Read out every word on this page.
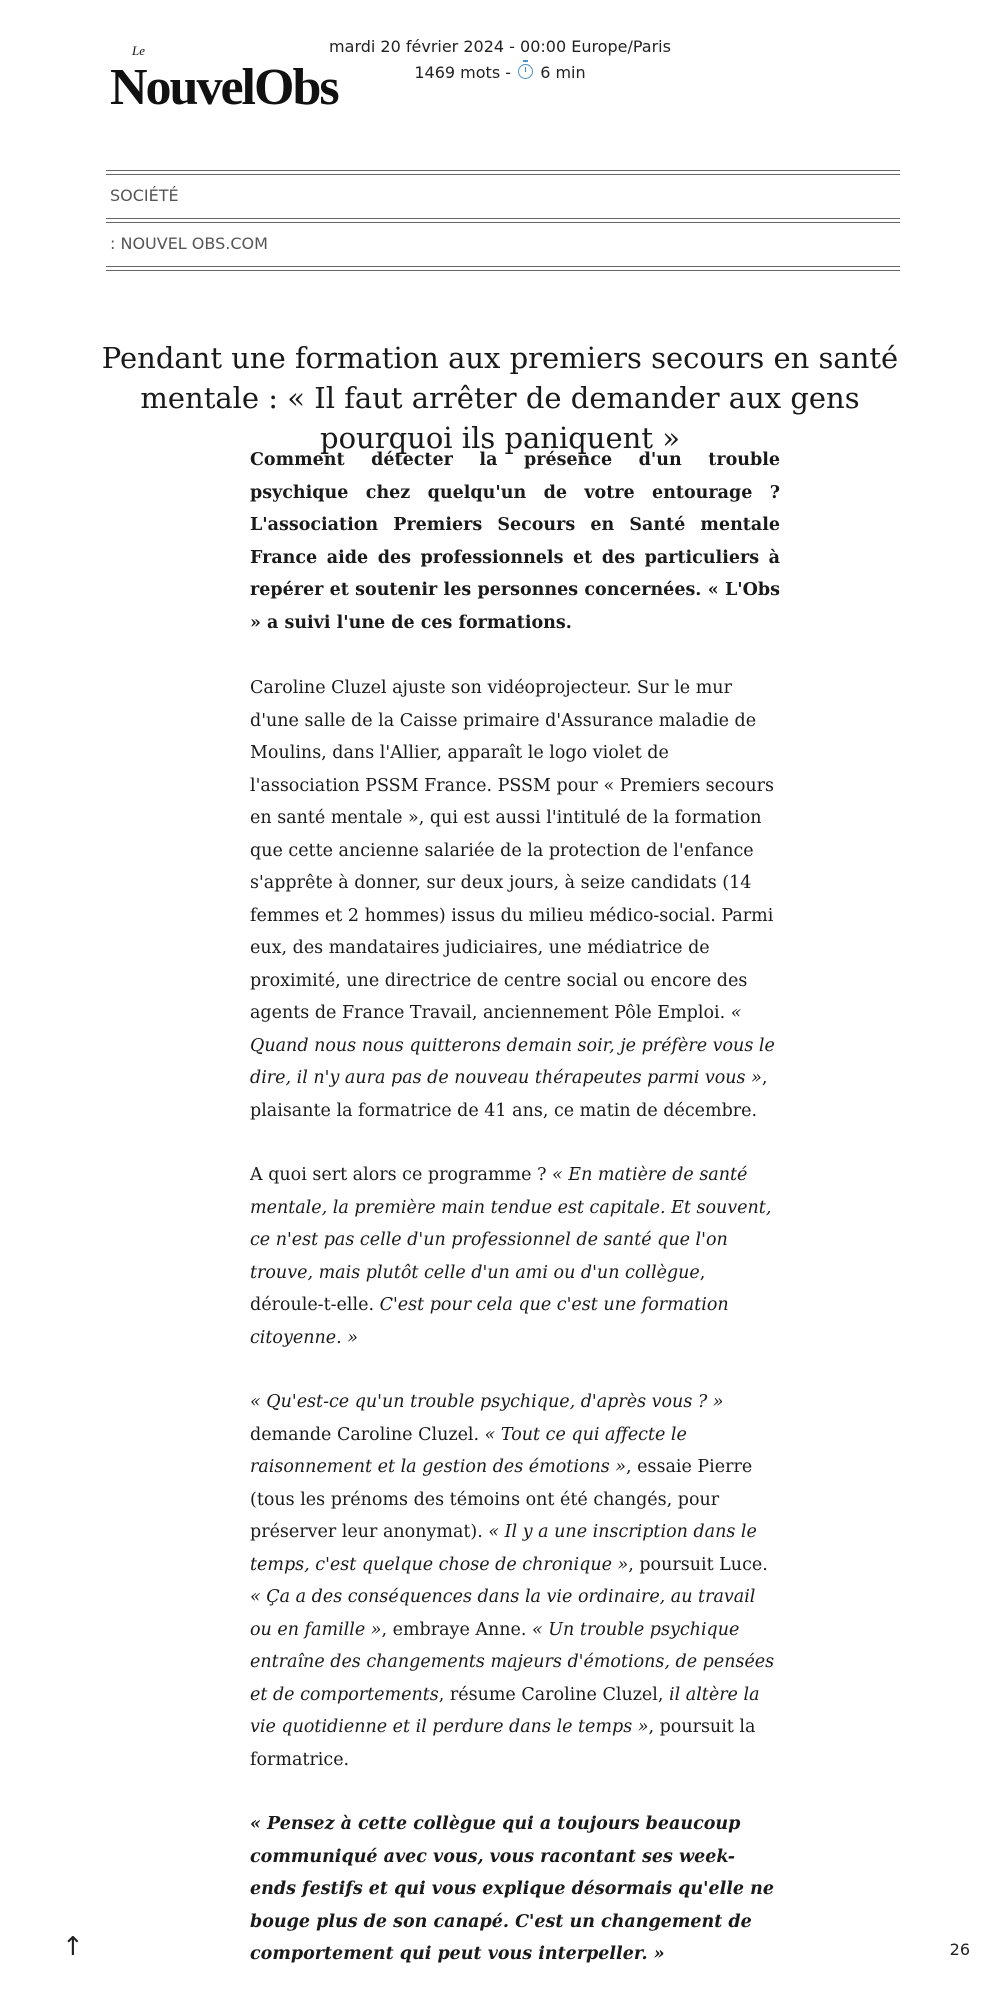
Le
NouvelObs
mardi 20 février 2024 - 00:00 Europe/Paris
1469 mots - 6 min
SOCIÉTÉ
: NOUVEL OBS.COM
Pendant une formation aux premiers secours en santé mentale : « Il faut arrêter de demander aux gens pourquoi ils paniquent »
Comment détecter la présence d'un trouble psychique chez quelqu'un de votre entourage ? L'association Premiers Secours en Santé mentale France aide des professionnels et des particuliers à repérer et soutenir les personnes concernées. « L'Obs » a suivi l'une de ces formations.

Caroline Cluzel ajuste son vidéoprojecteur. Sur le mur d'une salle de la Caisse primaire d'Assurance maladie de Moulins, dans l'Allier, apparaît le logo violet de l'association PSSM France. PSSM pour « Premiers secours en santé mentale », qui est aussi l'intitulé de la formation que cette ancienne salariée de la protection de l'enfance s'apprête à donner, sur deux jours, à seize candidats (14 femmes et 2 hommes) issus du milieu médico-social. Parmi eux, des mandataires judiciaires, une médiatrice de proximité, une directrice de centre social ou encore des agents de France Travail, anciennement Pôle Emploi. « Quand nous nous quitterons demain soir, je préfère vous le dire, il n'y aura pas de nouveau thérapeutes parmi vous », plaisante la formatrice de 41 ans, ce matin de décembre.

A quoi sert alors ce programme ? « En matière de santé mentale, la première main tendue est capitale. Et souvent, ce n'est pas celle d'un professionnel de santé que l'on trouve, mais plutôt celle d'un ami ou d'un collègue, déroule-t-elle. C'est pour cela que c'est une formation citoyenne. »

« Qu'est-ce qu'un trouble psychique, d'après vous ? » demande Caroline Cluzel. « Tout ce qui affecte le raisonnement et la gestion des émotions », essaie Pierre (tous les prénoms des témoins ont été changés, pour préserver leur anonymat). « Il y a une inscription dans le temps, c'est quelque chose de chronique », poursuit Luce. « Ça a des conséquences dans la vie ordinaire, au travail ou en famille », embraye Anne. « Un trouble psychique entraîne des changements majeurs d'émotions, de pensées et de comportements, résume Caroline Cluzel, il altère la vie quotidienne et il perdure dans le temps », poursuit la formatrice.

« Pensez à cette collègue qui a toujours beaucoup communiqué avec vous, vous racontant ses week-ends festifs et qui vous explique désormais qu'elle ne bouge plus de son canapé. C'est un changement de comportement qui peut vous interpeller. »

↑	26
